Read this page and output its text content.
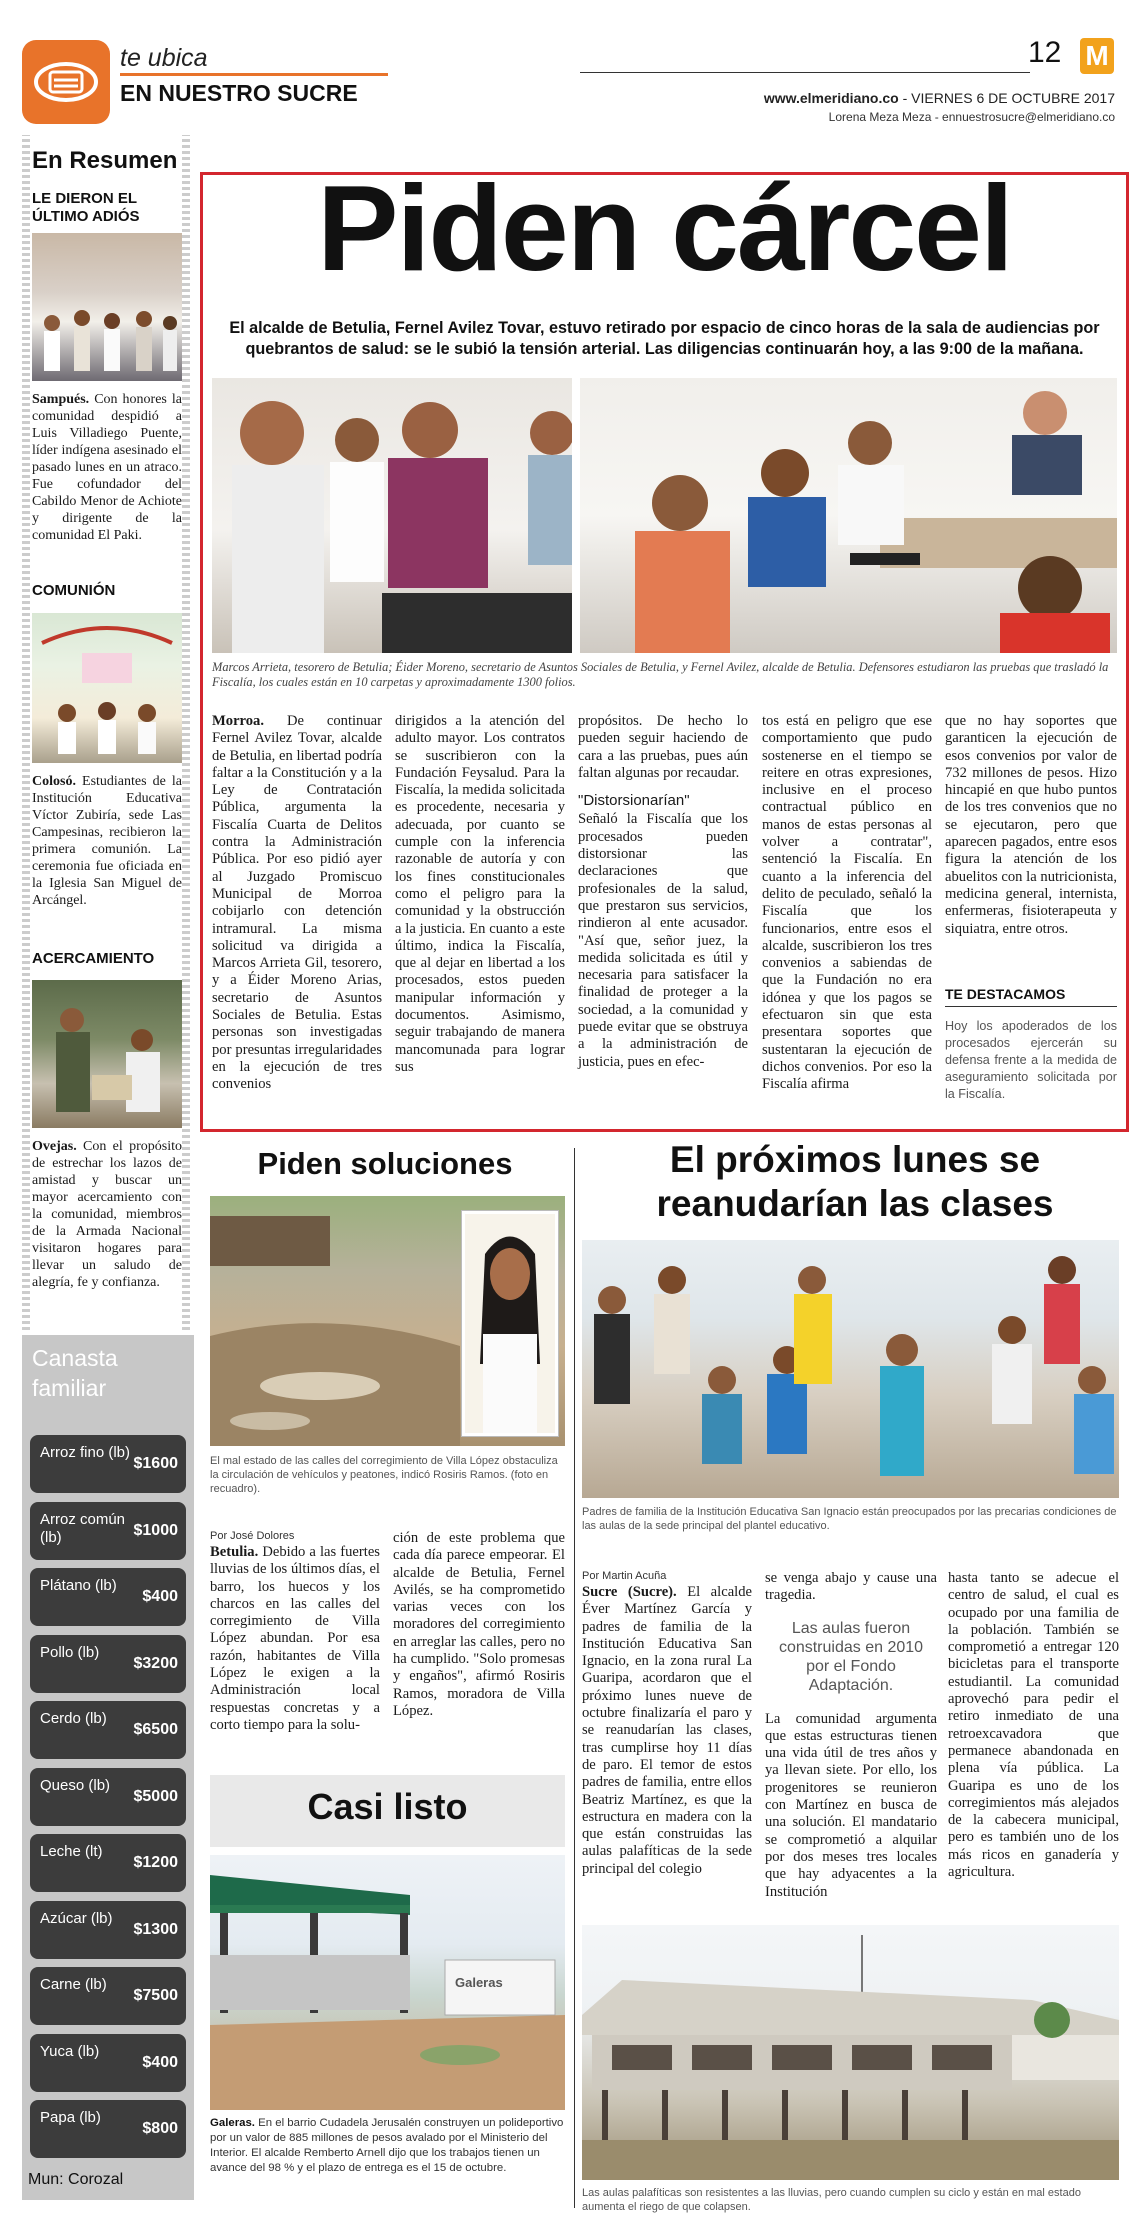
te ubica
EN NUESTRO SUCRE
12 M
www.elmeridiano.co - VIERNES 6 DE OCTUBRE 2017
Lorena Meza Meza - ennuestrosucre@elmeridiano.co
En Resumen
LE DIERON EL ÚLTIMO ADIÓS
Sampués. Con honores la comunidad despidió a Luis Villadiego Puente, líder indígena asesinado el pasado lunes en un atraco. Fue cofundador del Cabildo Menor de Achiote y dirigente de la comunidad El Paki.
COMUNIÓN
Colosó. Estudiantes de la Institución Educativa Víctor Zubiría, sede Las Campesinas, recibieron la primera comunión. La ceremonia fue oficiada en la Iglesia San Miguel de Arcángel.
ACERCAMIENTO
Ovejas. Con el propósito de estrechar los lazos de amistad y buscar un mayor acercamiento con la comunidad, miembros de la Armada Nacional visitaron hogares para llevar un saludo de alegría, fe y confianza.
Canasta familiar
Arroz fino (lb)
$1600
Arroz común (lb)	$1000
Plátano (lb)
$400
Pollo (lb)
$3200
Cerdo (lb)
$6500
Queso (lb)
$5000
Leche (lt)
$1200
Azúcar (lb)
$1300
Carne (lb)
$7500
Yuca (lb)
$400
Papa (lb)
$800
Mun: Corozal
Piden cárcel
El alcalde de Betulia, Fernel Avilez Tovar, estuvo retirado por espacio de cinco horas de la sala de audiencias por quebrantos de salud: se le subió la tensión arterial. Las diligencias continuarán hoy, a las 9:00 de la mañana.
Marcos Arrieta, tesorero de Betulia; Éider Moreno, secretario de Asuntos Sociales de Betulia, y Fernel Avilez, alcalde de Betulia. Defensores estudiaron las pruebas que trasladó la Fiscalía, los cuales están en 10 carpetas y aproximadamente 1300 folios.
Morroa. De continuar Fernel Avilez Tovar, alcalde de Betulia, en libertad podría faltar a la Constitución y a la Ley de Contratación Pública, argumenta la Fiscalía Cuarta de Delitos contra la Administración Pública. Por eso pidió ayer al Juzgado Promiscuo Municipal de Morroa cobijarlo con detención intramural. La misma solicitud va dirigida a Marcos Arrieta Gil, tesorero, y a Éider Moreno Arias, secretario de Asuntos Sociales de Betulia. Estas personas son investigadas por presuntas irregularidades en la ejecución de tres convenios
dirigidos a la atención del adulto mayor. Los contratos se suscribieron con la Fundación Feysalud. Para la Fiscalía, la medida solicitada es procedente, necesaria y adecuada, por cuanto se cumple con la inferencia razonable de autoría y con los fines constitucionales como el peligro para la comunidad y la obstrucción a la justicia. En cuanto a este último, indica la Fiscalía, que al dejar en libertad a los procesados, estos pueden manipular información y documentos. Asimismo, seguir trabajando de manera mancomunada para lograr sus
propósitos. De hecho lo pueden seguir haciendo de cara a las pruebas, pues aún faltan algunas por recaudar.
"Distorsionarían"
Señaló la Fiscalía que los procesados pueden distorsionar las declaraciones que profesionales de la salud, que prestaron sus servicios, rindieron al ente acusador. "Así que, señor juez, la medida solicitada es útil y necesaria para satisfacer la finalidad de proteger a la sociedad, a la comunidad y puede evitar que se obstruya a la administración de justicia, pues en efec-
tos está en peligro que ese comportamiento que pudo sostenerse en el tiempo se reitere en otras expresiones, inclusive en el proceso contractual público en manos de estas personas al volver a contratar", sentenció la Fiscalía. En cuanto a la inferencia del delito de peculado, señaló la Fiscalía que los funcionarios, entre esos el alcalde, suscribieron los tres convenios a sabiendas de que la Fundación no era idónea y que los pagos se efectuaron sin que esta presentara soportes que sustentaran la ejecución de dichos convenios. Por eso la Fiscalía afirma
que no hay soportes que garanticen la ejecución de esos convenios por valor de 732 millones de pesos. Hizo hincapié en que hubo puntos de los tres convenios que no se ejecutaron, pero que aparecen pagados, entre esos figura la atención de los abuelitos con la nutricionista, medicina general, internista, enfermeras, fisioterapeuta y siquiatra, entre otros.
TE DESTACAMOS
Hoy los apoderados de los procesados ejercerán su defensa frente a la medida de aseguramiento solicitada por la Fiscalía.
Piden soluciones
El mal estado de las calles del corregimiento de Villa López obstaculiza la circulación de vehículos y peatones, indicó Rosiris Ramos. (foto en recuadro).
Por José Dolores
Betulia. Debido a las fuertes lluvias de los últimos días, el barro, los huecos y los charcos en las calles del corregimiento de Villa López abundan. Por esa razón, habitantes de Villa López le exigen a la Administración local respuestas concretas y a corto tiempo para la solu-
ción de este problema que cada día parece empeorar. El alcalde de Betulia, Fernel Avilés, se ha comprometido varias veces con los moradores del corregimiento en arreglar las calles, pero no ha cumplido. "Solo promesas y engaños", afirmó Rosiris Ramos, moradora de Villa López.
Casi listo
Galeras
Galeras. En el barrio Cudadela Jerusalén construyen un polideportivo por un valor de 885 millones de pesos avalado por el Ministerio del Interior. El alcalde Remberto Arnell dijo que los trabajos tienen un avance del 98 % y el plazo de entrega es el 15 de octubre.
El próximos lunes se reanudarían las clases
Padres de familia de la Institución Educativa San Ignacio están preocupados por las precarias condiciones de las aulas de la sede principal del plantel educativo.
Por Martin Acuña
Sucre (Sucre). El alcalde Éver Martínez García y padres de familia de la Institución Educativa San Ignacio, en la zona rural La Guaripa, acordaron que el próximo lunes nueve de octubre finalizaría el paro y se reanudarían las clases, tras cumplirse hoy 11 días de paro. El temor de estos padres de familia, entre ellos Beatriz Martínez, es que la estructura en madera con la que están construidas las aulas palafíticas de la sede principal del colegio
se venga abajo y cause una tragedia.
Las aulas fueron construidas en 2010 por el Fondo Adaptación.
La comunidad argumenta que estas estructuras tienen una vida útil de tres años y ya llevan siete. Por ello, los progenitores se reunieron con Martínez en busca de una solución. El mandatario se comprometió a alquilar por dos meses tres locales que hay adyacentes a la Institución
hasta tanto se adecue el centro de salud, el cual es ocupado por una familia de la población. También se comprometió a entregar 120 bicicletas para el transporte estudiantil. La comunidad aprovechó para pedir el retiro inmediato de una retroexcavadora que permanece abandonada en plena vía pública. La Guaripa es uno de los corregimientos más alejados de la cabecera municipal, pero es también uno de los más ricos en ganadería y agricultura.
Las aulas palafíticas son resistentes a las lluvias, pero cuando cumplen su ciclo y están en mal estado aumenta el riego de que colapsen.
